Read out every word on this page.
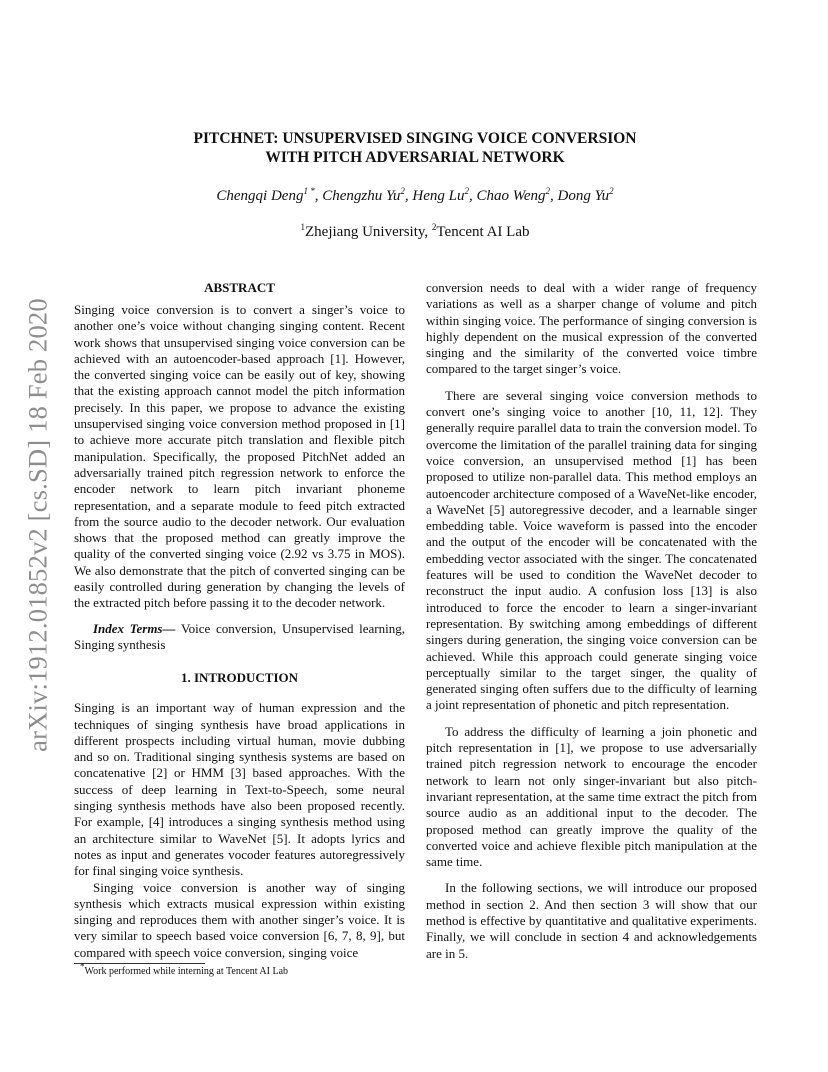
arXiv:1912.01852v2 [cs.SD] 18 Feb 2020
PITCHNET: UNSUPERVISED SINGING VOICE CONVERSION
WITH PITCH ADVERSARIAL NETWORK
Chengqi Deng$^{1 *}$, Chengzhu Yu$^2$, Heng Lu$^2$, Chao Weng$^2$, Dong Yu$^2$
$^1$Zhejiang University, $^2$Tencent AI Lab
ABSTRACT

Singing voice conversion is to convert a singer’s voice to another one’s voice without changing singing content. Recent work shows that unsupervised singing voice conversion can be achieved with an autoencoder-based approach [1]. However, the converted singing voice can be easily out of key, showing that the existing approach cannot model the pitch information precisely. In this paper, we propose to advance the existing unsupervised singing voice conversion method proposed in [1] to achieve more accurate pitch translation and flexible pitch manipulation. Specifically, the proposed PitchNet added an adversarially trained pitch regression network to enforce the encoder network to learn pitch invariant phoneme representation, and a separate module to feed pitch extracted from the source audio to the decoder network. Our evaluation shows that the proposed method can greatly improve the quality of the converted singing voice (2.92 vs 3.75 in MOS). We also demonstrate that the pitch of converted singing can be easily controlled during generation by changing the levels of the extracted pitch before passing it to the decoder network.

Index Terms— Voice conversion, Unsupervised learning, Singing synthesis

1. INTRODUCTION

Singing is an important way of human expression and the techniques of singing synthesis have broad applications in different prospects including virtual human, movie dubbing and so on. Traditional singing synthesis systems are based on concatenative [2] or HMM [3] based approaches. With the success of deep learning in Text-to-Speech, some neural singing synthesis methods have also been proposed recently. For example, [4] introduces a singing synthesis method using an architecture similar to WaveNet [5]. It adopts lyrics and notes as input and generates vocoder features autoregressively for final singing voice synthesis.

Singing voice conversion is another way of singing synthesis which extracts musical expression within existing singing and reproduces them with another singer’s voice. It is very similar to speech based voice conversion [6, 7, 8, 9], but compared with speech voice conversion, singing voice

conversion needs to deal with a wider range of frequency variations as well as a sharper change of volume and pitch within singing voice. The performance of singing conversion is highly dependent on the musical expression of the converted singing and the similarity of the converted voice timbre compared to the target singer’s voice.

There are several singing voice conversion methods to convert one’s singing voice to another [10, 11, 12]. They generally require parallel data to train the conversion model. To overcome the limitation of the parallel training data for singing voice conversion, an unsupervised method [1] has been proposed to utilize non-parallel data. This method employs an autoencoder architecture composed of a WaveNet-like encoder, a WaveNet [5] autoregressive decoder, and a learnable singer embedding table. Voice waveform is passed into the encoder and the output of the encoder will be concatenated with the embedding vector associated with the singer. The concatenated features will be used to condition the WaveNet decoder to reconstruct the input audio. A confusion loss [13] is also introduced to force the encoder to learn a singer-invariant representation. By switching among embeddings of different singers during generation, the singing voice conversion can be achieved. While this approach could generate singing voice perceptually similar to the target singer, the quality of generated singing often suffers due to the difficulty of learning a joint representation of phonetic and pitch representation.

To address the difficulty of learning a join phonetic and pitch representation in [1], we propose to use adversarially trained pitch regression network to encourage the encoder network to learn not only singer-invariant but also pitch-invariant representation, at the same time extract the pitch from source audio as an additional input to the decoder. The proposed method can greatly improve the quality of the converted voice and achieve flexible pitch manipulation at the same time.

In the following sections, we will introduce our proposed method in section 2. And then section 3 will show that our method is effective by quantitative and qualitative experiments. Finally, we will conclude in section 4 and acknowledgements are in 5.

*Work performed while interning at Tencent AI Lab
